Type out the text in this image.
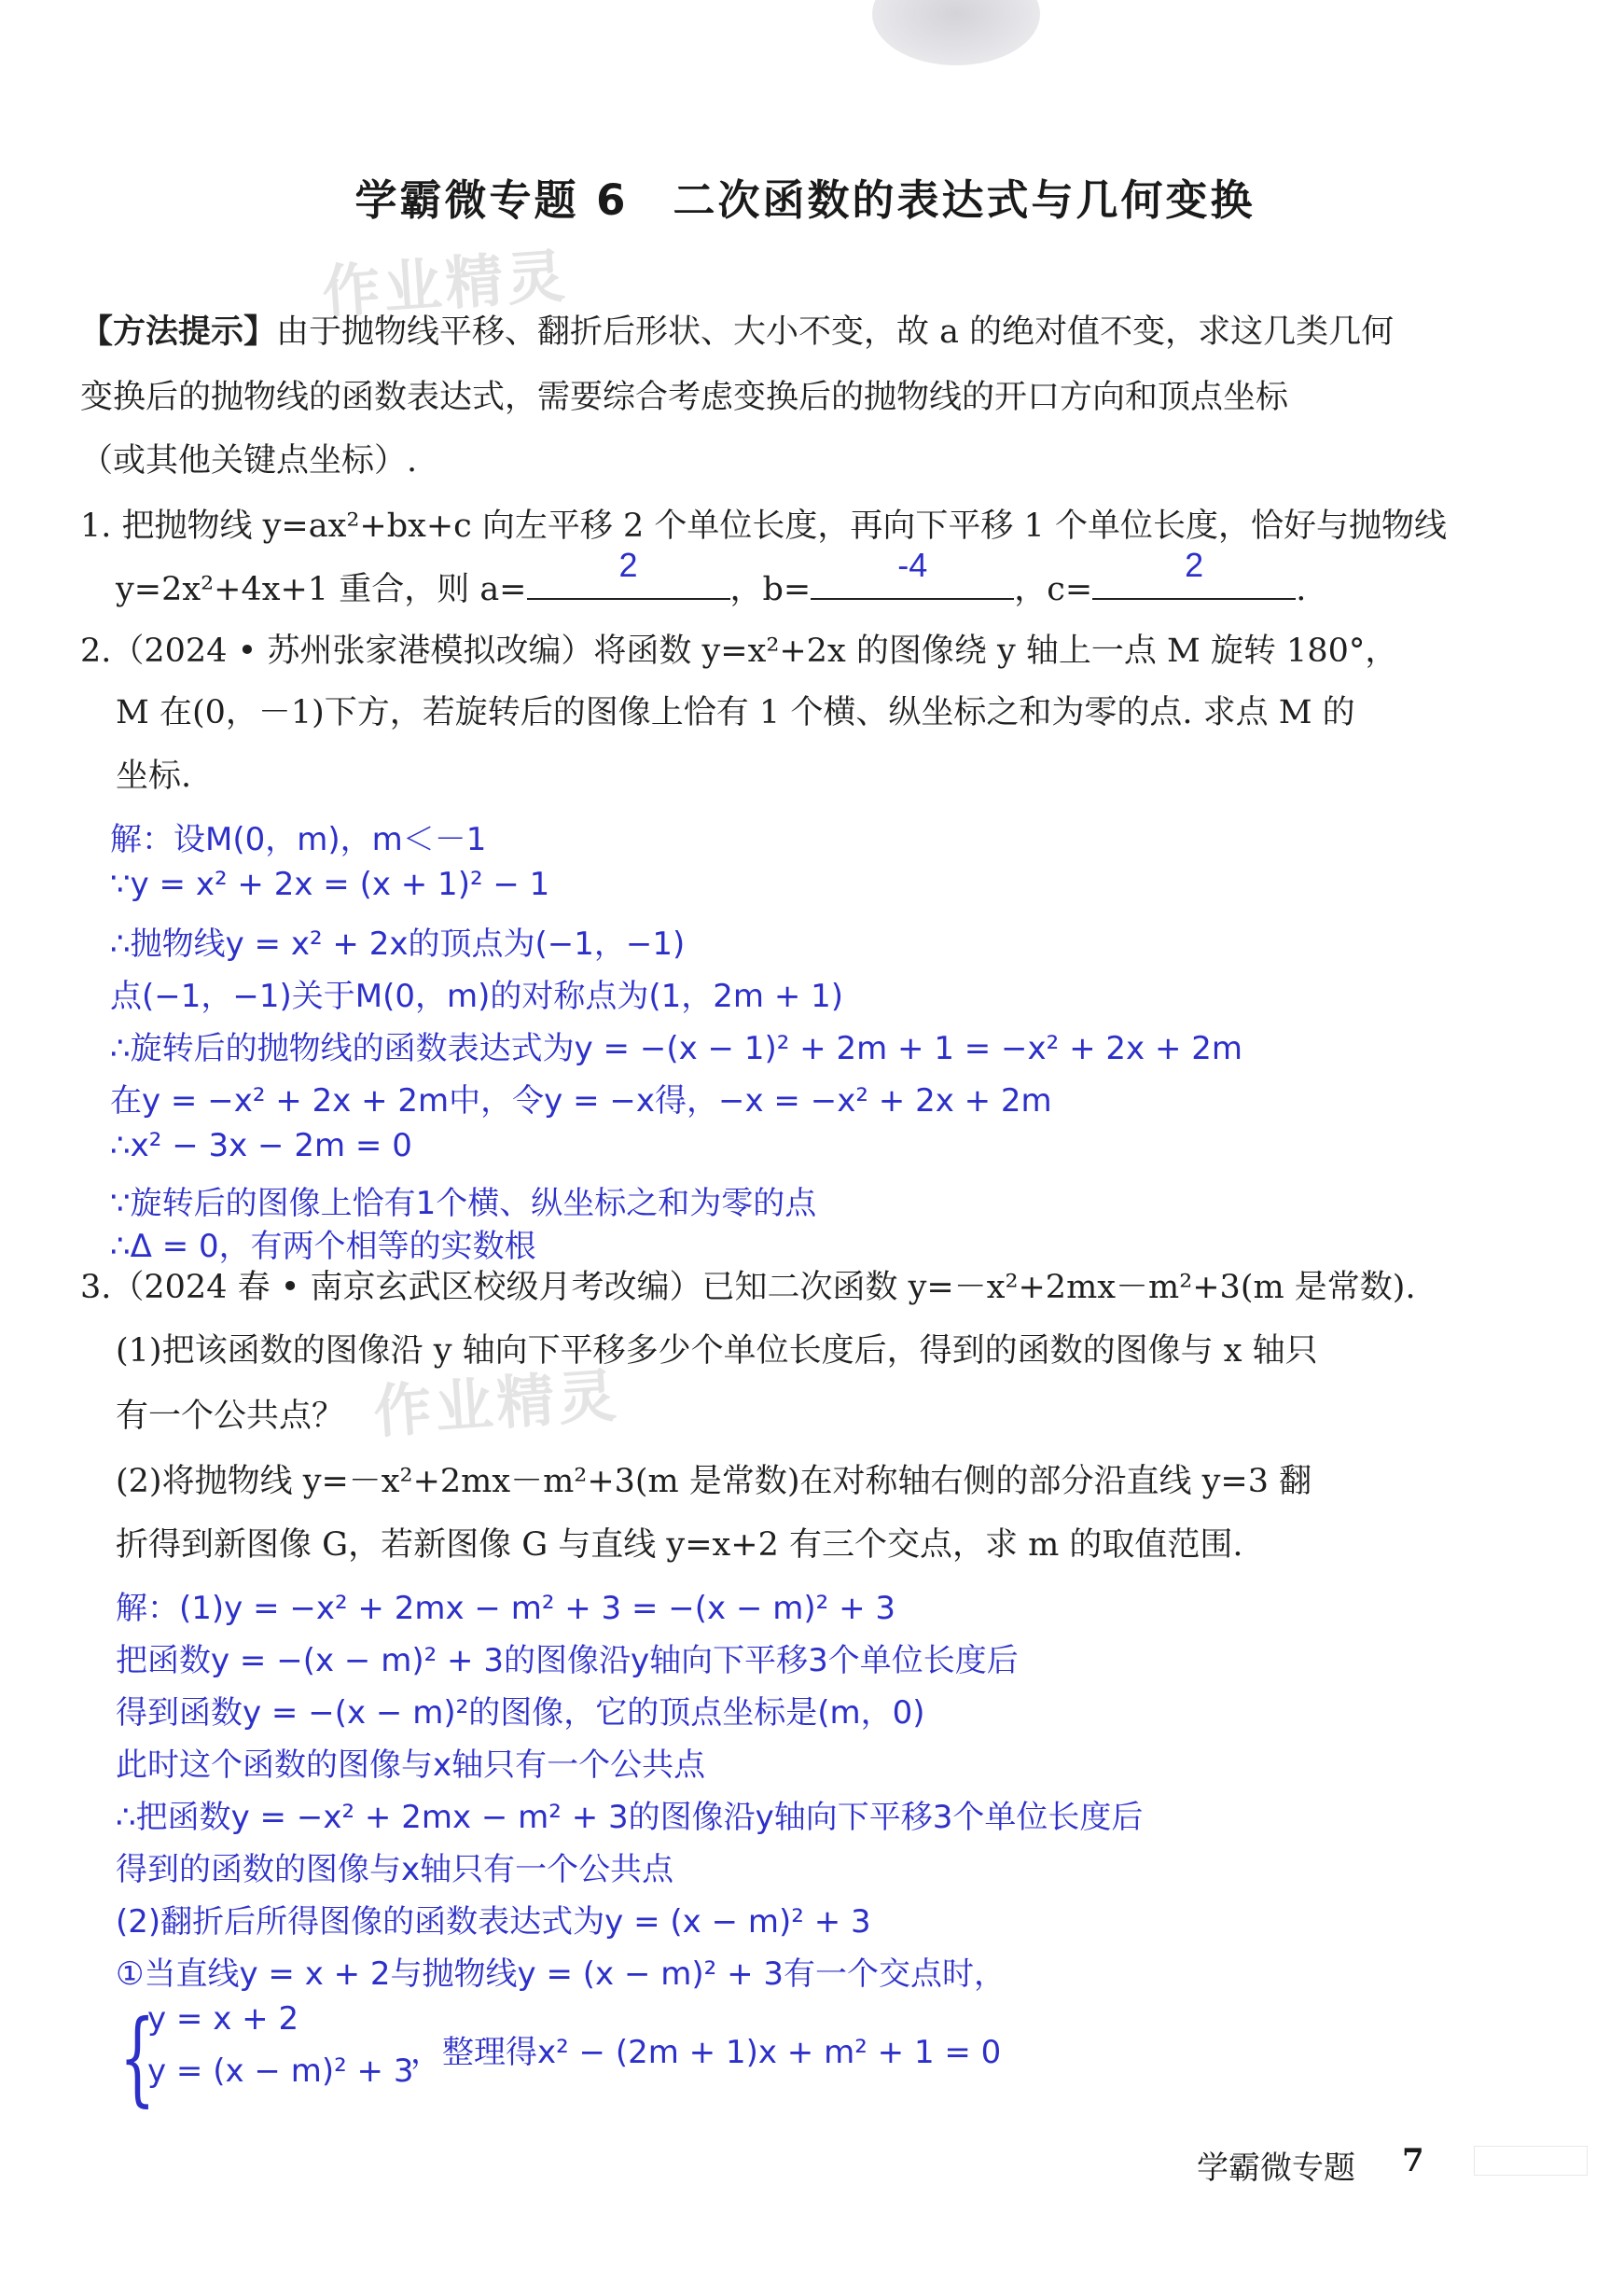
学霸微专题 6　二次函数的表达式与几何变换
作业精灵
作业精灵
【方法提示】由于抛物线平移、翻折后形状、大小不变，故 a 的绝对值不变，求这几类几何
变换后的抛物线的函数表达式，需要综合考虑变换后的抛物线的开口方向和顶点坐标
（或其他关键点坐标）.
1. 把抛物线 y=ax²+bx+c 向左平移 2 个单位长度，再向下平移 1 个单位长度，恰好与抛物线
y=2x²+4x+1 重合，则 a=
2
，b=
-4
，c=
2
.
2.（2024 • 苏州张家港模拟改编）将函数 y=x²+2x 的图像绕 y 轴上一点 M 旋转 180°，
M 在(0，－1)下方，若旋转后的图像上恰有 1 个横、纵坐标之和为零的点. 求点 M 的
坐标.
解：设M(0，m)，m＜－1
∵y = x² + 2x = (x + 1)² − 1
∴抛物线y = x² + 2x的顶点为(−1，−1)
点(−1，−1)关于M(0，m)的对称点为(1，2m + 1)
∴旋转后的抛物线的函数表达式为y = −(x − 1)² + 2m + 1 = −x² + 2x + 2m
在y = −x² + 2x + 2m中，令y = −x得，−x = −x² + 2x + 2m
∴x² − 3x − 2m = 0
∵旋转后的图像上恰有1个横、纵坐标之和为零的点
∴Δ = 0，有两个相等的实数根
3.（2024 春 • 南京玄武区校级月考改编）已知二次函数 y=－x²+2mx－m²+3(m 是常数).
(1)把该函数的图像沿 y 轴向下平移多少个单位长度后，得到的函数的图像与 x 轴只
有一个公共点？
(2)将抛物线 y=－x²+2mx－m²+3(m 是常数)在对称轴右侧的部分沿直线 y=3 翻
折得到新图像 G，若新图像 G 与直线 y=x+2 有三个交点，求 m 的取值范围.
解：(1)y = −x² + 2mx − m² + 3 = −(x − m)² + 3
把函数y = −(x − m)² + 3的图像沿y轴向下平移3个单位长度后
得到函数y = −(x − m)²的图像，它的顶点坐标是(m，0)
此时这个函数的图像与x轴只有一个公共点
∴把函数y = −x² + 2mx − m² + 3的图像沿y轴向下平移3个单位长度后
得到的函数的图像与x轴只有一个公共点
(2)翻折后所得图像的函数表达式为y = (x − m)² + 3
①当直线y = x + 2与抛物线y = (x − m)² + 3有一个交点时，
{
y = x + 2
y = (x − m)² + 3
，整理得x² − (2m + 1)x + m² + 1 = 0
学霸微专题 7
